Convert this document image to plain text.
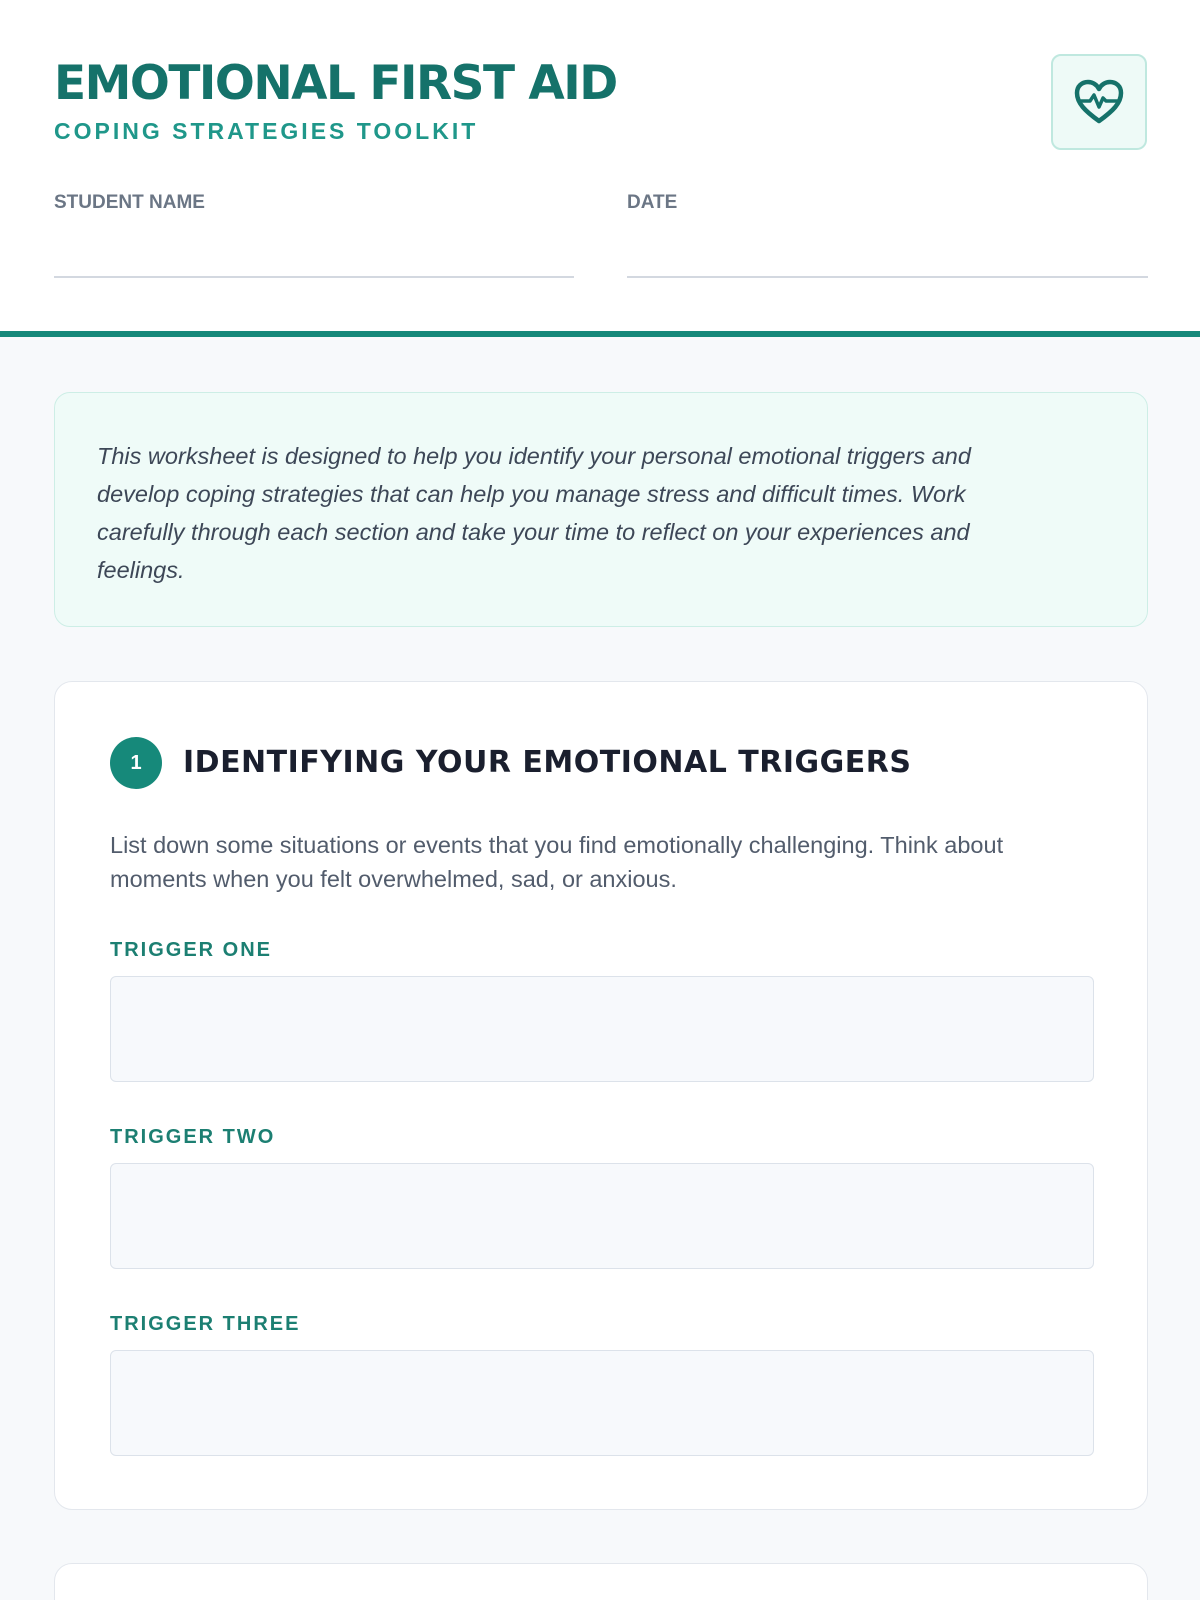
EMOTIONAL FIRST AID
COPING STRATEGIES TOOLKIT
STUDENT NAME	DATE

This worksheet is designed to help you identify your personal emotional triggers and develop coping strategies that can help you manage stress and difficult times. Work carefully through each section and take your time to reflect on your experiences and feelings.

1	IDENTIFYING YOUR EMOTIONAL TRIGGERS

List down some situations or events that you find emotionally challenging. Think about moments when you felt overwhelmed, sad, or anxious.

TRIGGER ONE
TRIGGER TWO
TRIGGER THREE
